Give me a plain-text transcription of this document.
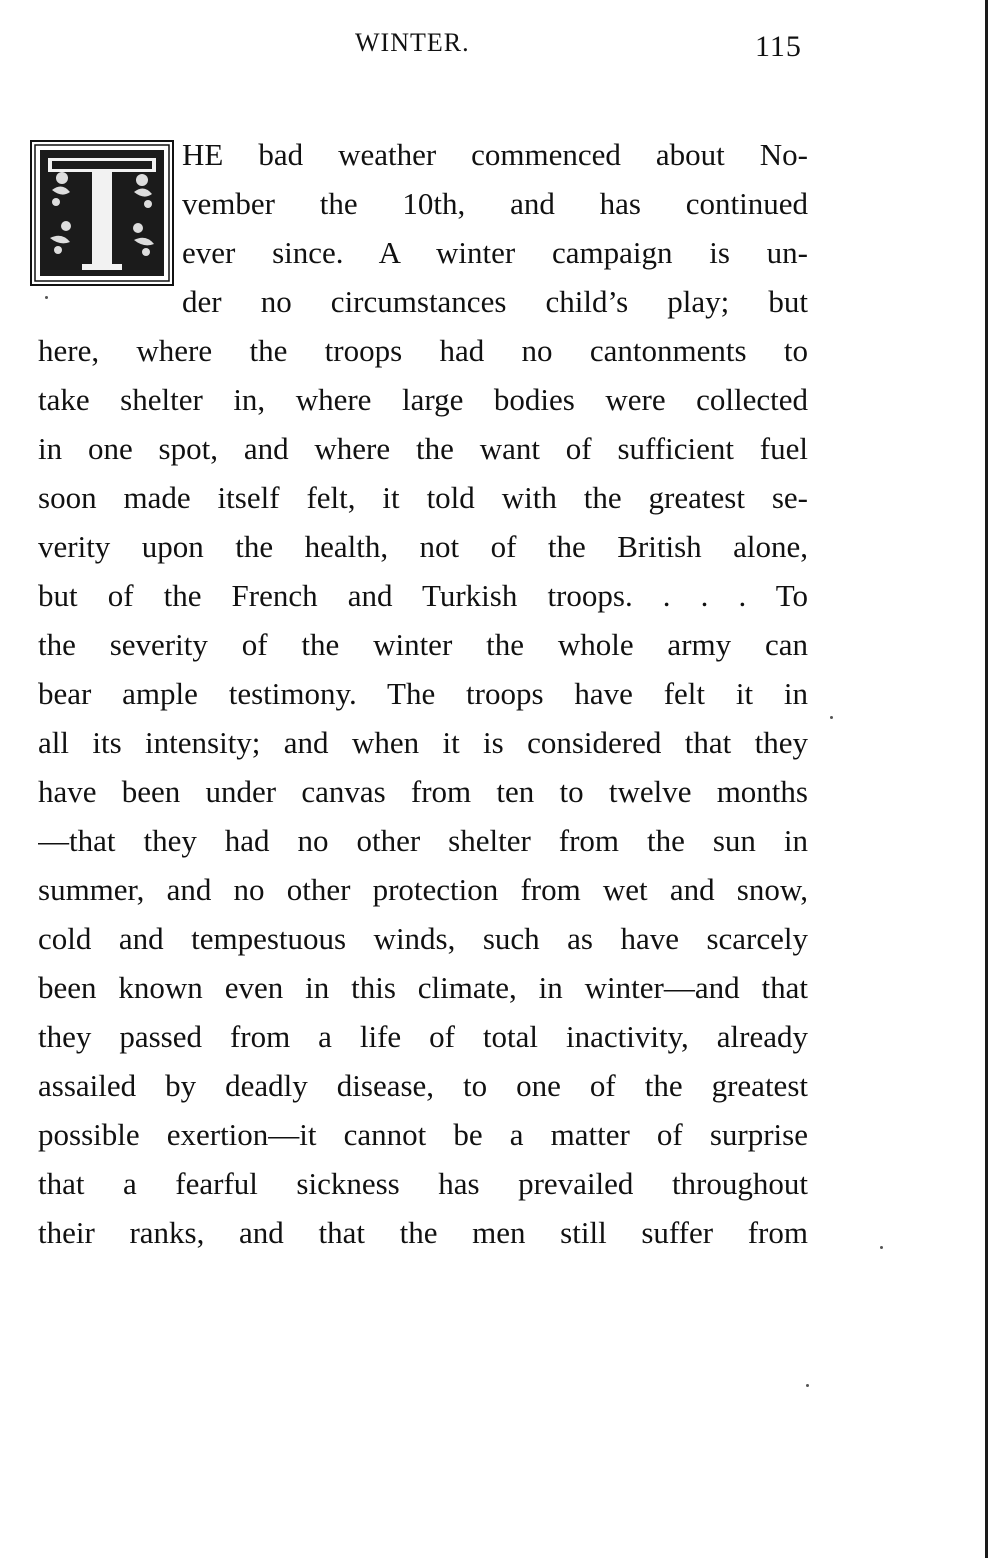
WINTER.	115
HE bad weather commenced about No-
vember the 10th, and has continued
ever since. A winter campaign is un-
der no circumstances child’s play; but
here, where the troops had no cantonments to
take shelter in, where large bodies were collected
in one spot, and where the want of sufficient fuel
soon made itself felt, it told with the greatest se-
verity upon the health, not of the British alone,
but of the French and Turkish troops. . . . To
the severity of the winter the whole army can
bear ample testimony. The troops have felt it in
all its intensity; and when it is considered that they
have been under canvas from ten to twelve months
—that they had no other shelter from the sun in
summer, and no other protection from wet and snow,
cold and tempestuous winds, such as have scarcely
been known even in this climate, in winter—and that
they passed from a life of total inactivity, already
assailed by deadly disease, to one of the greatest
possible exertion—it cannot be a matter of surprise
that a fearful sickness has prevailed throughout
their ranks, and that the men still suffer from
